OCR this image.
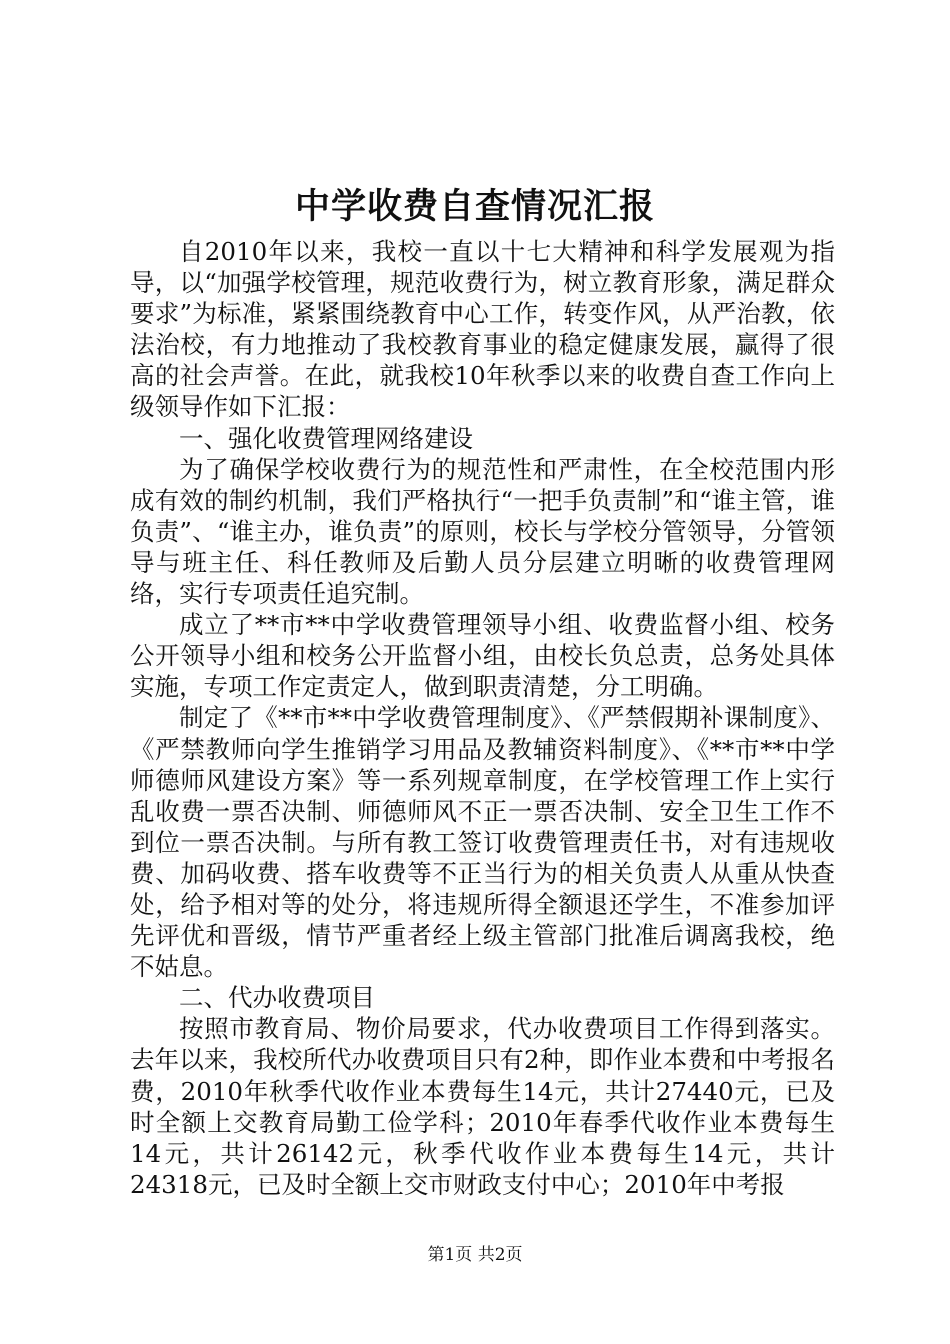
中学收费自查情况汇报

自2010年以来，我校一直以十七大精神和科学发展观为指导，以“加强学校管理，规范收费行为，树立教育形象，满足群众要求”为标准，紧紧围绕教育中心工作，转变作风，从严治教，依法治校，有力地推动了我校教育事业的稳定健康发展，赢得了很高的社会声誉。在此，就我校10年秋季以来的收费自查工作向上级领导作如下汇报：

一、强化收费管理网络建设

为了确保学校收费行为的规范性和严肃性，在全校范围内形成有效的制约机制，我们严格执行“一把手负责制”和“谁主管，谁负责”、“谁主办，谁负责”的原则，校长与学校分管领导，分管领导与班主任、科任教师及后勤人员分层建立明晰的收费管理网络，实行专项责任追究制。

成立了**市**中学收费管理领导小组、收费监督小组、校务公开领导小组和校务公开监督小组，由校长负总责，总务处具体实施，专项工作定责定人，做到职责清楚，分工明确。

制定了《**市**中学收费管理制度》、《严禁假期补课制度》、《严禁教师向学生推销学习用品及教辅资料制度》、《**市**中学师德师风建设方案》等一系列规章制度，在学校管理工作上实行乱收费一票否决制、师德师风不正一票否决制、安全卫生工作不到位一票否决制。与所有教工签订收费管理责任书，对有违规收费、加码收费、搭车收费等不正当行为的相关负责人从重从快查处，给予相对等的处分，将违规所得全额退还学生，不准参加评先评优和晋级，情节严重者经上级主管部门批准后调离我校，绝不姑息。

二、代办收费项目

按照市教育局、物价局要求，代办收费项目工作得到落实。去年以来，我校所代办收费项目只有2种，即作业本费和中考报名费，2010年秋季代收作业本费每生14元，共计27440元，已及时全额上交教育局勤工俭学科；2010年春季代收作业本费每生14元，共计26142元，秋季代收作业本费每生14元，共计24318元，已及时全额上交市财政支付中心；2010年中考报

第1页 共2页
